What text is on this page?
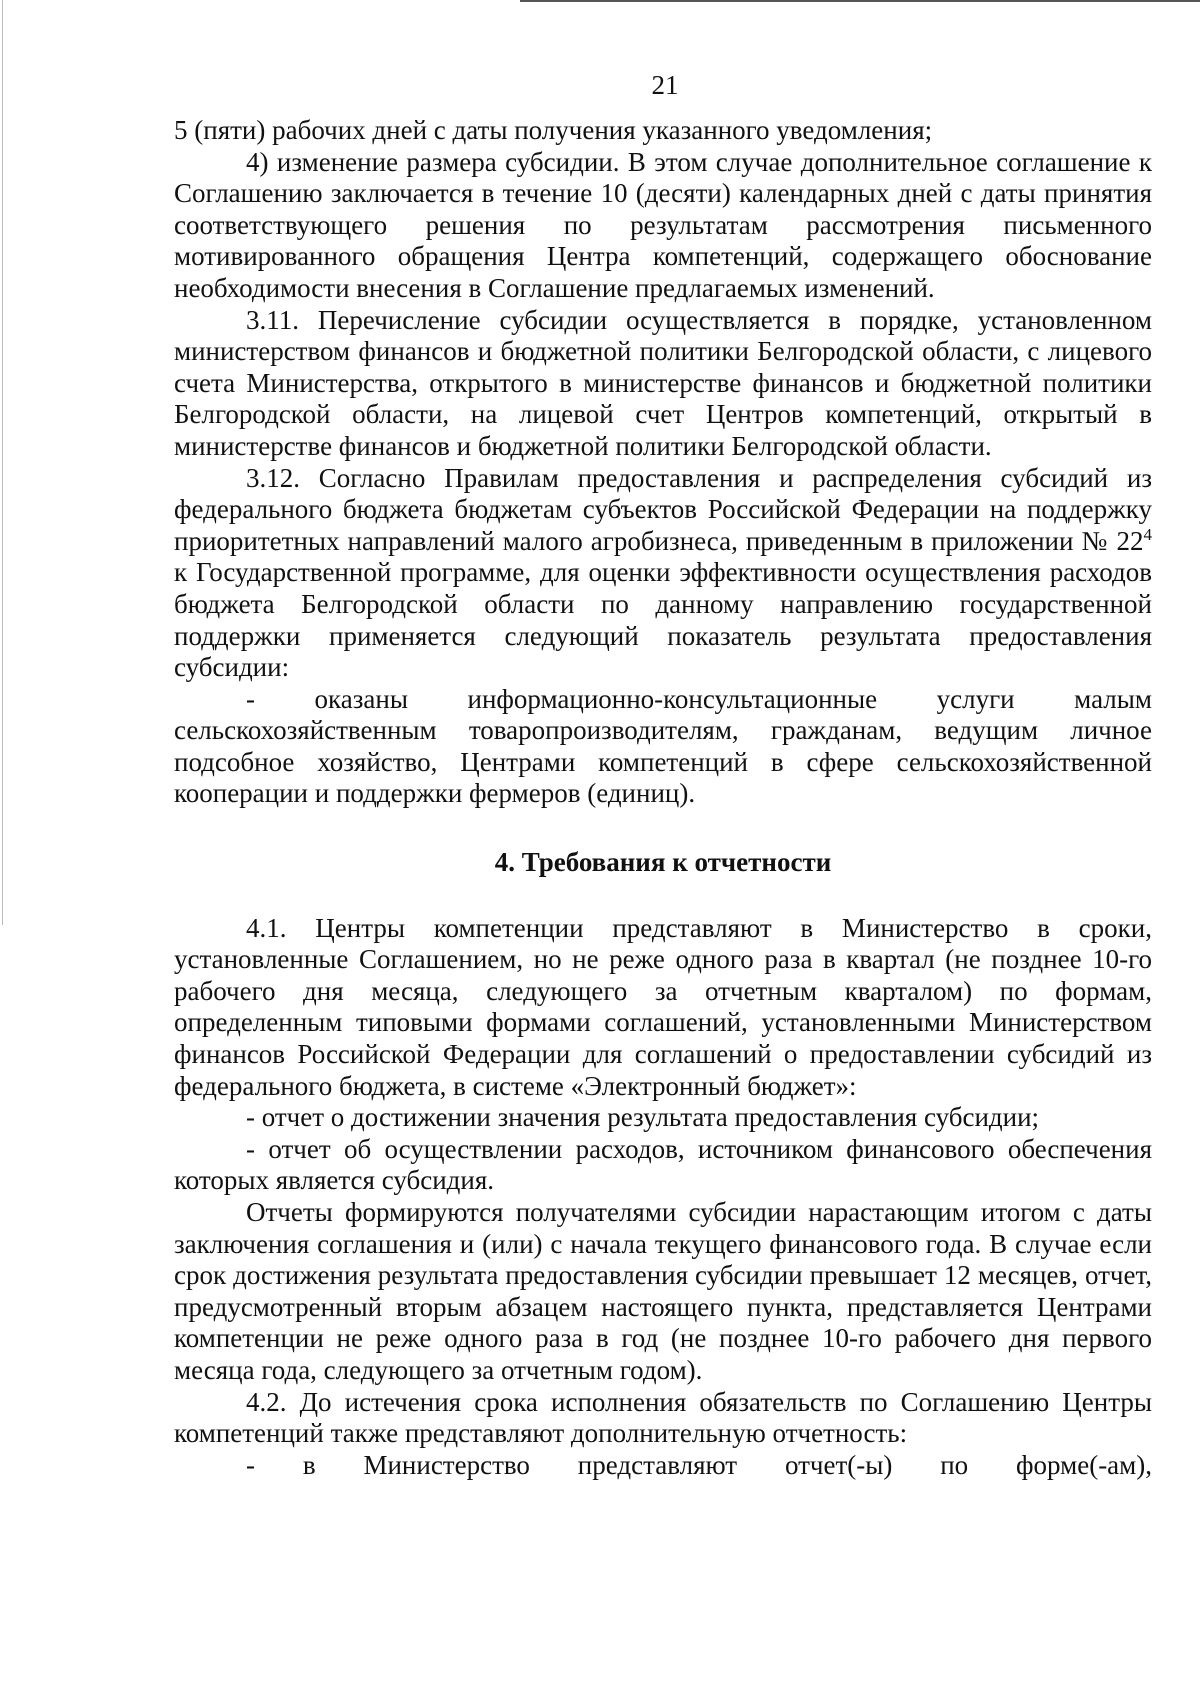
21

5 (пяти) рабочих дней с даты получения указанного уведомления;

4) изменение размера субсидии. В этом случае дополнительное соглашение к Соглашению заключается в течение 10 (десяти) календарных дней с даты принятия соответствующего решения по результатам рассмотрения письменного мотивированного обращения Центра компетенций, содержащего обоснование необходимости внесения в Соглашение предлагаемых изменений.

3.11. Перечисление субсидии осуществляется в порядке, установленном министерством финансов и бюджетной политики Белгородской области, с лицевого счета Министерства, открытого в министерстве финансов и бюджетной политики Белгородской области, на лицевой счет Центров компетенций, открытый в министерстве финансов и бюджетной политики Белгородской области.

3.12. Согласно Правилам предоставления и распределения субсидий из федерального бюджета бюджетам субъектов Российской Федерации на поддержку приоритетных направлений малого агробизнеса, приведенным в приложении № $22^4$ к Государственной программе, для оценки эффективности осуществления расходов бюджета Белгородской области по данному направлению государственной поддержки применяется следующий показатель результата предоставления субсидии:

- оказаны информационно-консультационные услуги малым сельскохозяйственным товаропроизводителям, гражданам, ведущим личное подсобное хозяйство, Центрами компетенций в сфере сельскохозяйственной кооперации и поддержки фермеров (единиц).

4. Требования к отчетности

4.1. Центры компетенции представляют в Министерство в сроки, установленные Соглашением, но не реже одного раза в квартал (не позднее 10-го рабочего дня месяца, следующего за отчетным кварталом) по формам, определенным типовыми формами соглашений, установленными Министерством финансов Российской Федерации для соглашений о предоставлении субсидий из федерального бюджета, в системе «Электронный бюджет»:

- отчет о достижении значения результата предоставления субсидии;

- отчет об осуществлении расходов, источником финансового обеспечения которых является субсидия.

Отчеты формируются получателями субсидии нарастающим итогом с даты заключения соглашения и (или) с начала текущего финансового года. В случае если срок достижения результата предоставления субсидии превышает 12 месяцев, отчет, предусмотренный вторым абзацем настоящего пункта, представляется Центрами компетенции не реже одного раза в год (не позднее 10-го рабочего дня первого месяца года, следующего за отчетным годом).

4.2. До истечения срока исполнения обязательств по Соглашению Центры компетенций также представляют дополнительную отчетность:

- в Министерство представляют отчет(-ы) по форме(-ам),
